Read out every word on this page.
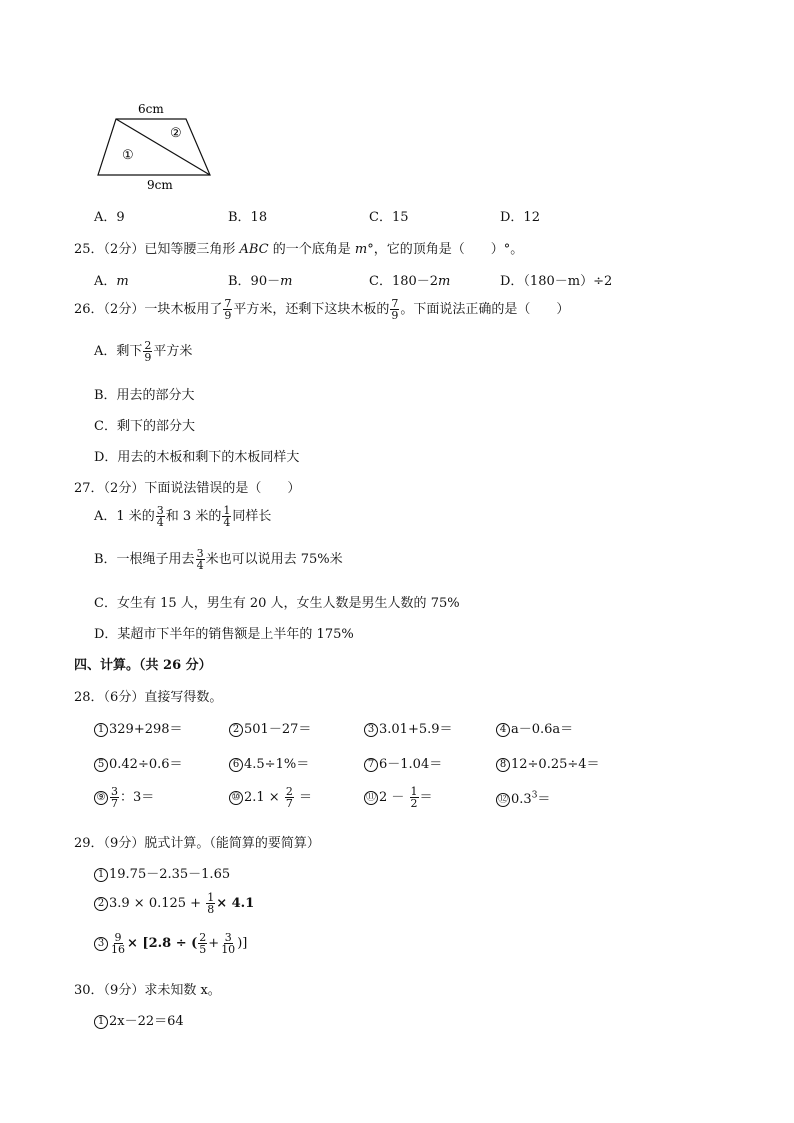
6cm
①
②
9cm
A．9	B．18	C．15	D．12
25．（2分）已知等腰三角形 ABC 的一个底角是 m°，它的顶角是（　　）°。
A．m	B．90－m	C．180－2m	D．（180－m）÷2
26．（2分）一块木板用了 $\frac{7}{9}$ 平方米，还剩下这块木板的 $\frac{7}{9}$ 。下面说法正确的是（　　）
A．剩下 $\frac{2}{9}$ 平方米
B．用去的部分大
C．剩下的部分大
D．用去的木板和剩下的木板同样大
27．（2分）下面说法错误的是（　　）
A．1 米的 $\frac{3}{4}$ 和 3 米的 $\frac{1}{4}$ 同样长
B．一根绳子用去 $\frac{3}{4}$ 米也可以说用去 75%米
C．女生有 15 人，男生有 20 人，女生人数是男生人数的 75%
D．某超市下半年的销售额是上半年的 175%
四、计算。（共 26 分）
28．（6分）直接写得数。
1 329+298＝	2 501－27＝	3 3.01+5.9＝	4 a－0.6a＝
5 0.42÷0.6＝	6 4.5÷1%＝	7 6－1.04＝	8 12÷0.25÷4＝
⑨ $\frac{3}{7}$ ：3＝	⑩ $2.1 \times \frac{2}{7}$ ＝	⑪ $2 - \frac{1}{2}$ ＝	⑫ $0.3^3=$
29．（9分）脱式计算。（能简算的要简算）
1 19.75－2.35－1.65
2 $3.9 \times 0.125 + \frac{1}{8} \times 4.1$
$3 \frac{9}{16} \times [2.8$ ÷ ( $\frac{2}{5} + \frac{3}{10}$ )]
30．（9分）求未知数 x。
1 2x－22＝64
